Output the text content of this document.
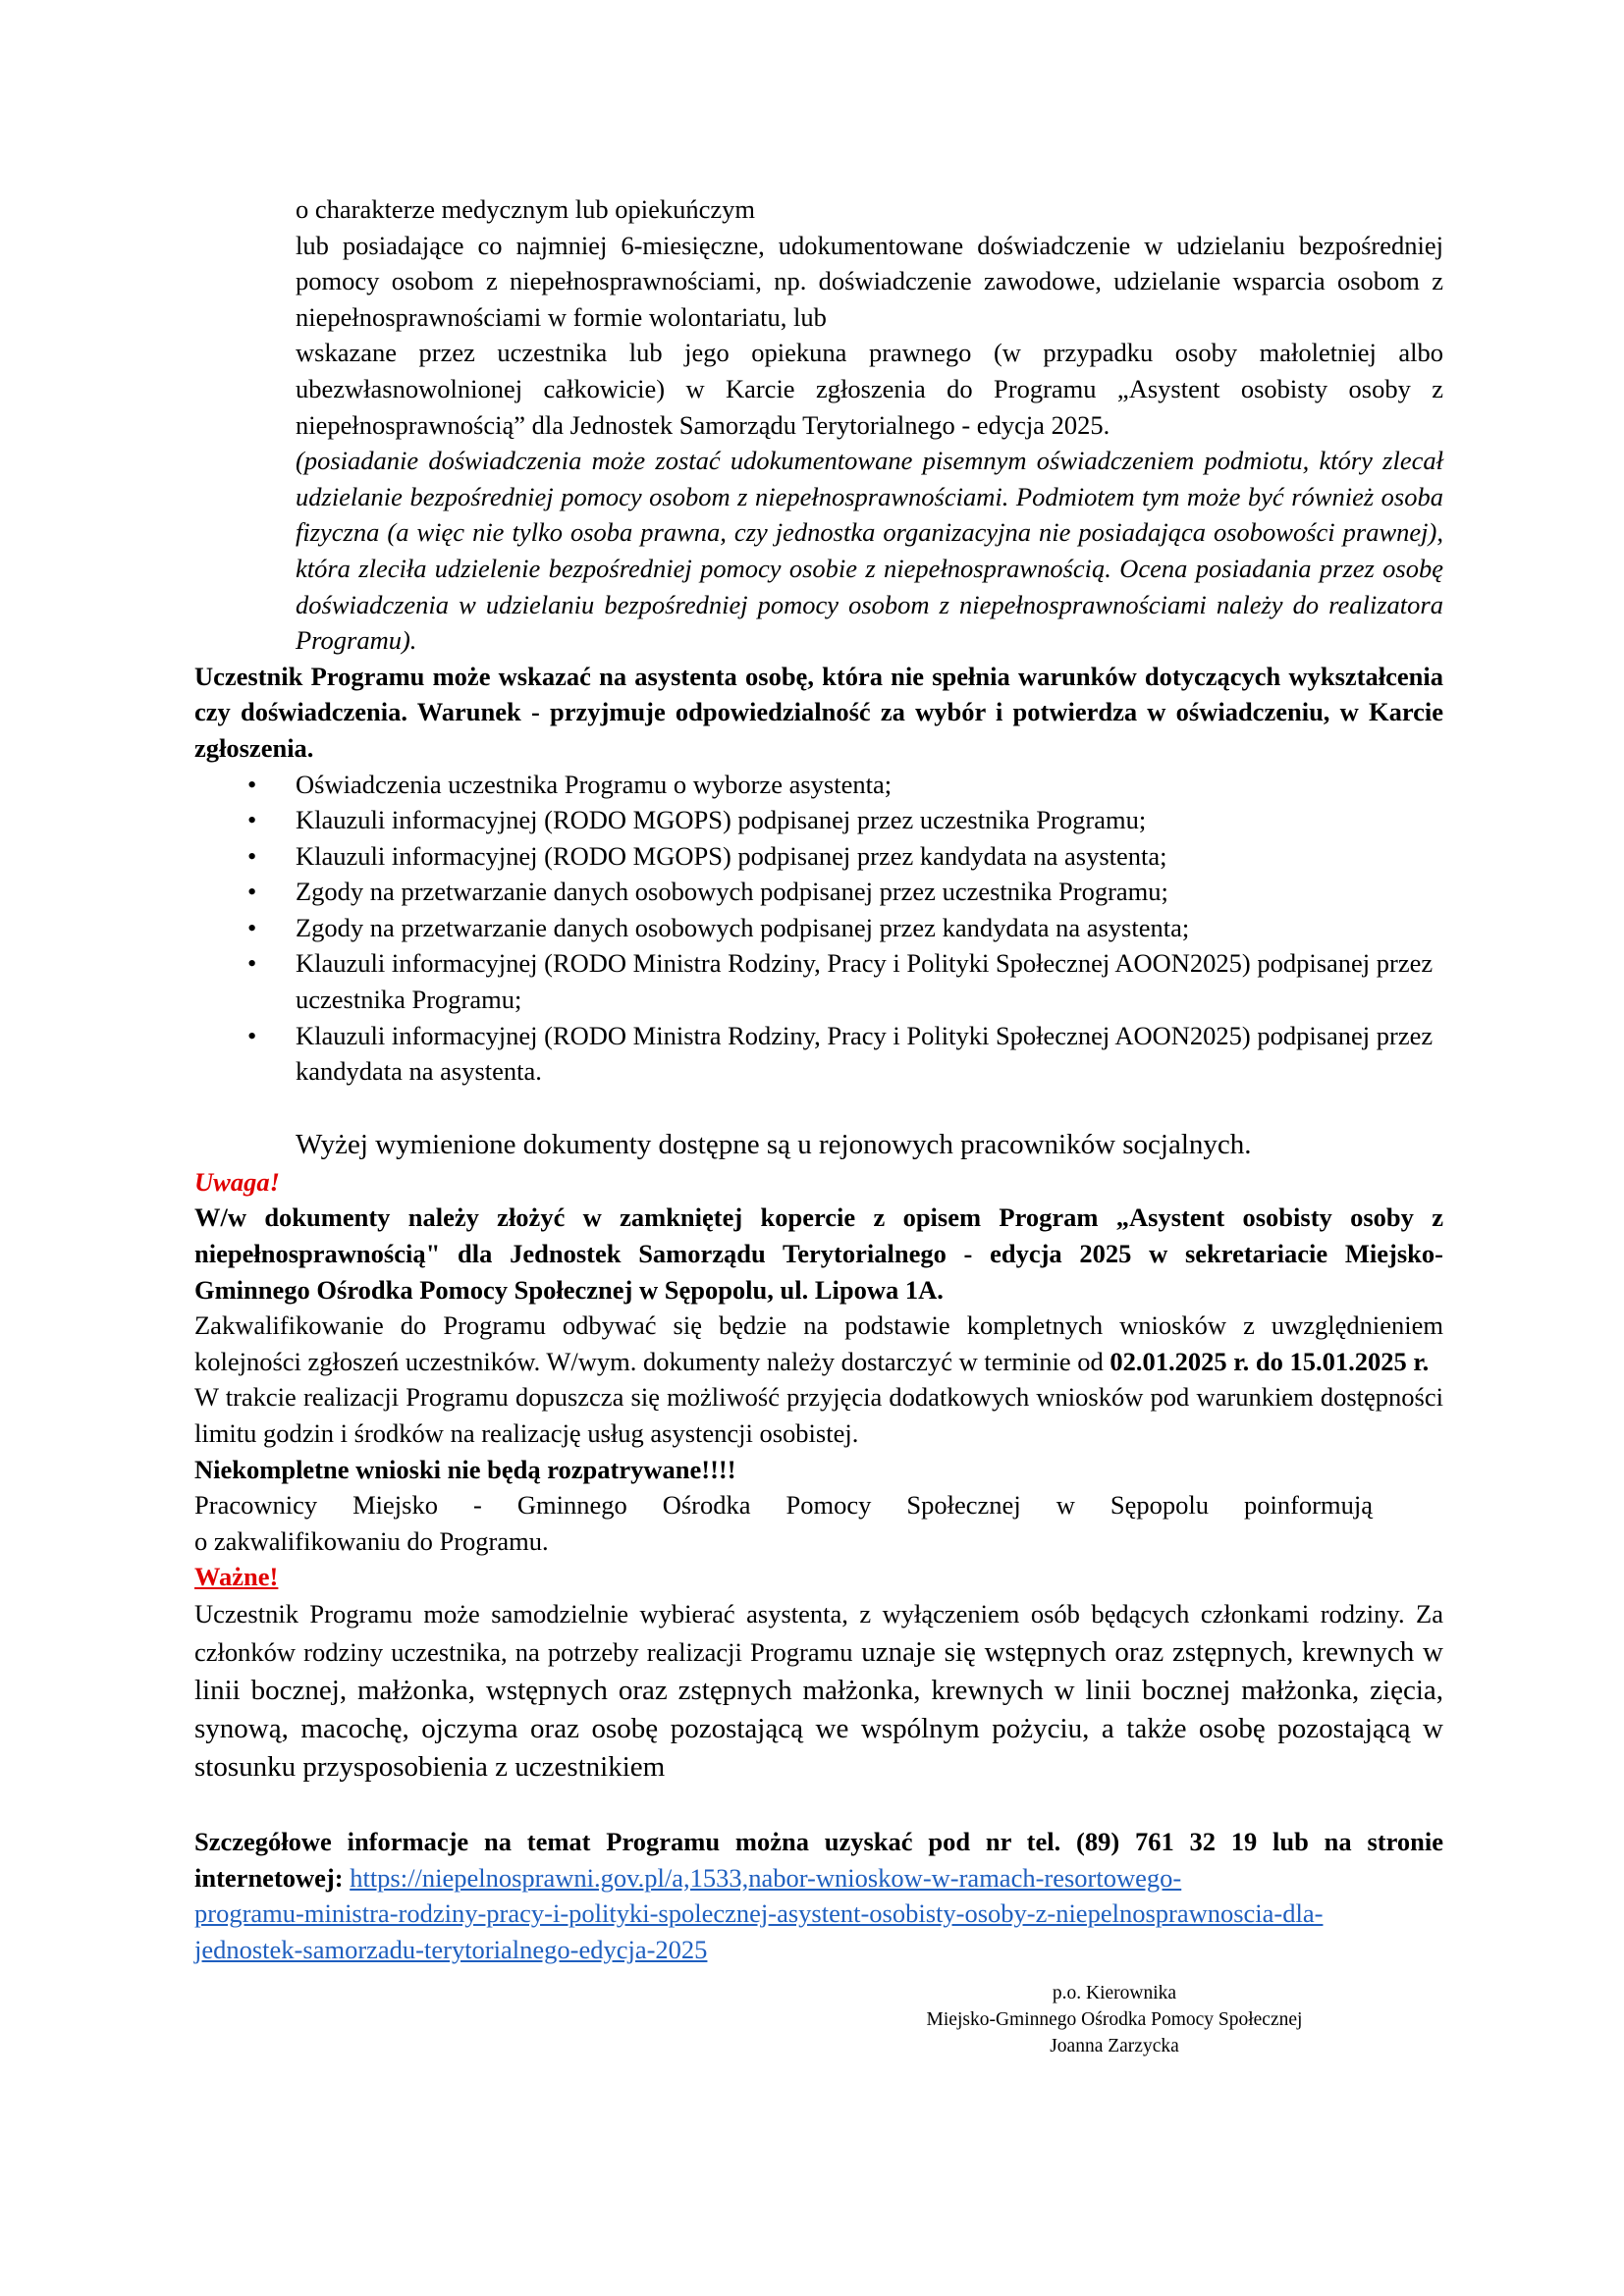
o charakterze medycznym lub opiekuńczym

lub posiadające co najmniej 6-miesięczne, udokumentowane doświadczenie w udzielaniu bezpośredniej pomocy osobom z niepełnosprawnościami, np. doświadczenie zawodowe, udzielanie wsparcia osobom z niepełnosprawnościami w formie wolontariatu, lub

wskazane przez uczestnika lub jego opiekuna prawnego (w przypadku osoby małoletniej albo ubezwłasnowolnionej całkowicie) w Karcie zgłoszenia do Programu „Asystent osobisty osoby z niepełnosprawnością” dla Jednostek Samorządu Terytorialnego - edycja 2025.

(posiadanie doświadczenia może zostać udokumentowane pisemnym oświadczeniem podmiotu, który zlecał udzielanie bezpośredniej pomocy osobom z niepełnosprawnościami. Podmiotem tym może być również osoba fizyczna (a więc nie tylko osoba prawna, czy jednostka organizacyjna nie posiadająca osobowości prawnej), która zleciła udzielenie bezpośredniej pomocy osobie z niepełnosprawnością. Ocena posiadania przez osobę doświadczenia w udzielaniu bezpośredniej pomocy osobom z niepełnosprawnościami należy do realizatora Programu).

Uczestnik Programu może wskazać na asystenta osobę, która nie spełnia warunków dotyczących wykształcenia czy doświadczenia. Warunek - przyjmuje odpowiedzialność za wybór i potwierdza w oświadczeniu, w Karcie zgłoszenia.

• Oświadczenia uczestnika Programu o wyborze asystenta;
• Klauzuli informacyjnej (RODO MGOPS) podpisanej przez uczestnika Programu;
• Klauzuli informacyjnej (RODO MGOPS) podpisanej przez kandydata na asystenta;
• Zgody na przetwarzanie danych osobowych podpisanej przez uczestnika Programu;
• Zgody na przetwarzanie danych osobowych podpisanej przez kandydata na asystenta;
• Klauzuli informacyjnej (RODO Ministra Rodziny, Pracy i Polityki Społecznej AOON2025) podpisanej przez uczestnika Programu;
• Klauzuli informacyjnej (RODO Ministra Rodziny, Pracy i Polityki Społecznej AOON2025) podpisanej przez kandydata na asystenta.

Wyżej wymienione dokumenty dostępne są u rejonowych pracowników socjalnych.

Uwaga!

W/w dokumenty należy złożyć w zamkniętej kopercie z opisem Program „Asystent osobisty osoby z niepełnosprawnością" dla Jednostek Samorządu Terytorialnego - edycja 2025 w sekretariacie Miejsko-Gminnego Ośrodka Pomocy Społecznej w Sępopolu, ul. Lipowa 1A.

Zakwalifikowanie do Programu odbywać się będzie na podstawie kompletnych wniosków z uwzględnieniem kolejności zgłoszeń uczestników. W/wym. dokumenty należy dostarczyć w terminie od 02.01.2025 r. do 15.01.2025 r.

W trakcie realizacji Programu dopuszcza się możliwość przyjęcia dodatkowych wniosków pod warunkiem dostępności limitu godzin i środków na realizację usług asystencji osobistej.

Niekompletne wnioski nie będą rozpatrywane!!!!

Pracownicy Miejsko - Gminnego Ośrodka Pomocy Społecznej w Sępopolu poinformują

o zakwalifikowaniu do Programu.

Ważne!

Uczestnik Programu może samodzielnie wybierać asystenta, z wyłączeniem osób będących członkami rodziny. Za członków rodziny uczestnika, na potrzeby realizacji Programu uznaje się wstępnych oraz zstępnych, krewnych w linii bocznej, małżonka, wstępnych oraz zstępnych małżonka, krewnych w linii bocznej małżonka, zięcia, synową, macochę, ojczyma oraz osobę pozostającą we wspólnym pożyciu, a także osobę pozostającą w stosunku przysposobienia z uczestnikiem

Szczegółowe informacje na temat Programu można uzyskać pod nr tel. (89) 761 32 19 lub na stronie internetowej: https://niepelnosprawni.gov.pl/a,1533,nabor-wnioskow-w-ramach-resortowego-
programu-ministra-rodziny-pracy-i-polityki-spolecznej-asystent-osobisty-osoby-z-niepelnosprawnoscia-dla-
jednostek-samorzadu-terytorialnego-edycja-2025

p.o. Kierownika
Miejsko-Gminnego Ośrodka Pomocy Społecznej
Joanna Zarzycka
